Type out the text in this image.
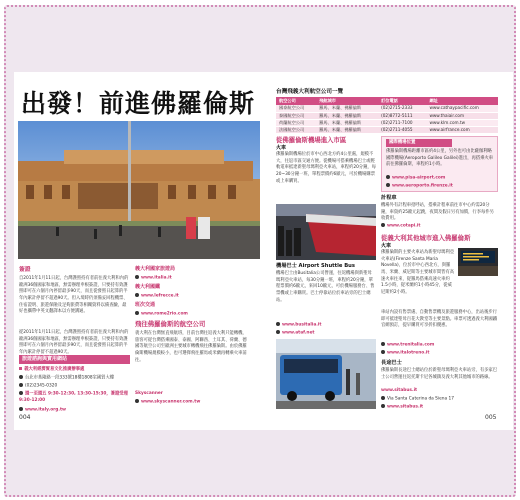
出發！前進佛羅倫斯
簽證
自2011年1月11日起，台灣護照持有者前往義大利和內的歐洲36個國家和地區，無需辦理申根簽證，只要持有效護照即可在六個月內停留最多90天，而且從發照日起算的半年內累計停留不超過90天。但入境時仍須備妥回程機票、住宿證明、旅遊保險及足夠旅費等相關資料以備查驗，最好也攜帶中英文翻譯本以方便溝通。
從2011年1月11日起，台灣護照持有者前往義大利和內的歐洲36個國家和地區，無需辦理申根簽證，只要持有效護照即可在六個月內停留最多90天，而且從發照日起算的半年內累計停留不超過90天。
旅遊諮詢與實用網站
義大利經濟貿易文化推廣辦事處
台北市基隆路一段333號18樓1808室國貿大樓
(02)2345-0320
週一至週五 9:30-12:30, 13:30-15:30，簽證受理 9:30-12:00
www.italy.org.tw
義大利國家旅遊局
www.italia.it
義大利國鐵
www.lefrecce.it
班次交通
www.rome2rio.com
飛往佛羅倫斯的航空公司
義大利在台灣無直飛航班，目前台灣往返義大利只能轉機，旅客可從台灣搭乘國泰、泰國、阿聯酋、土耳其、荷蘭、德國等航空公司至歐洲主要城市轉機飛往佛羅倫斯。由於佛羅倫斯機場規模較小，也可選擇飛往羅馬或米蘭再轉乘火車前往。
Skyscanner
www.skyscanner.com.tw
004
台灣飛義大利航空公司一覽
航空公司	飛航城市	訂位電話	網址
國泰航空公司	羅馬、米蘭、佛羅倫斯	(02)2715-2333	www.cathaypacific.com
泰國航空公司	羅馬、米蘭、佛羅倫斯	(02)8772-5111	www.thaiair.com
荷蘭航空公司	羅馬、米蘭、佛羅倫斯	(02)2711-7100	www.klm.com.tw
法國航空公司	羅馬、米蘭、佛羅倫斯	(02)2711-4055	www.airfrance.com
從佛羅倫斯機場進入市區
火車
佛羅倫斯機場位於市中心西北方約4公里處，規模不大，往返市區交通方便。從機場可搭乘機場巴士或輕軌電車抵達新聖母瑪利亞火車站，車程約20分鐘，每20~30分鐘一班，單程票價約6歐元，可於機場購票或上車購買。
國際機場位置
佛羅倫斯機場距離市區約4公里，另外也可由比薩伽利略國際機場(Aeroporto Galileo Galilei)進出，再搭乘火車前往佛羅倫斯，車程約1小時。
www.pisa-airport.com
www.aeroporto.firenze.it
機場巴士 Airport Shuttle Bus
機場巴士由Busitalia公司營運，往返機場與新聖母瑪利亞火車站，每30分鐘一班，車程約20分鐘，單程票價約6歐元，來回10歐元，可於機場服務台、售票機或上車購買。巴士停靠站位於車站旁的巴士總站。
www.busitalia.it
www.ataf.net
計程車
機場外有計程車招呼站，搭乘計程車前往市中心約需20分鐘，車資約25歐元起跳，夜間及假日另有加價，行李每件另收費用。
www.cotapi.it
從義大利其他城市進入佛羅倫斯
火車
佛羅倫斯的主要火車站為新聖母瑪利亞火車站(Firenze Santa Maria Novella)，位於市中心西北方，與羅馬、米蘭、威尼斯等主要城市間皆有高速火車往來，從羅馬搭乘高速火車約1.5小時，從米蘭約1小時45分，從威尼斯約2小時。
車站內設有售票處、自動售票機及旅遊服務中心，出站後步行即可抵達聖母百花大教堂等主要景點。車票可透過義大利國鐵官網預訂，提早購買可享折扣優惠。
www.trenitalia.com
www.italotreno.it
長途巴士
佛羅倫斯長途巴士總站位於新聖母瑪利亞火車站旁，有多家巴士公司營運往返托斯卡尼各城鎮及義大利其他城市的路線。
www.sitabus.it
Via Santa Caterina da Siena 17
www.sitabus.it
005
